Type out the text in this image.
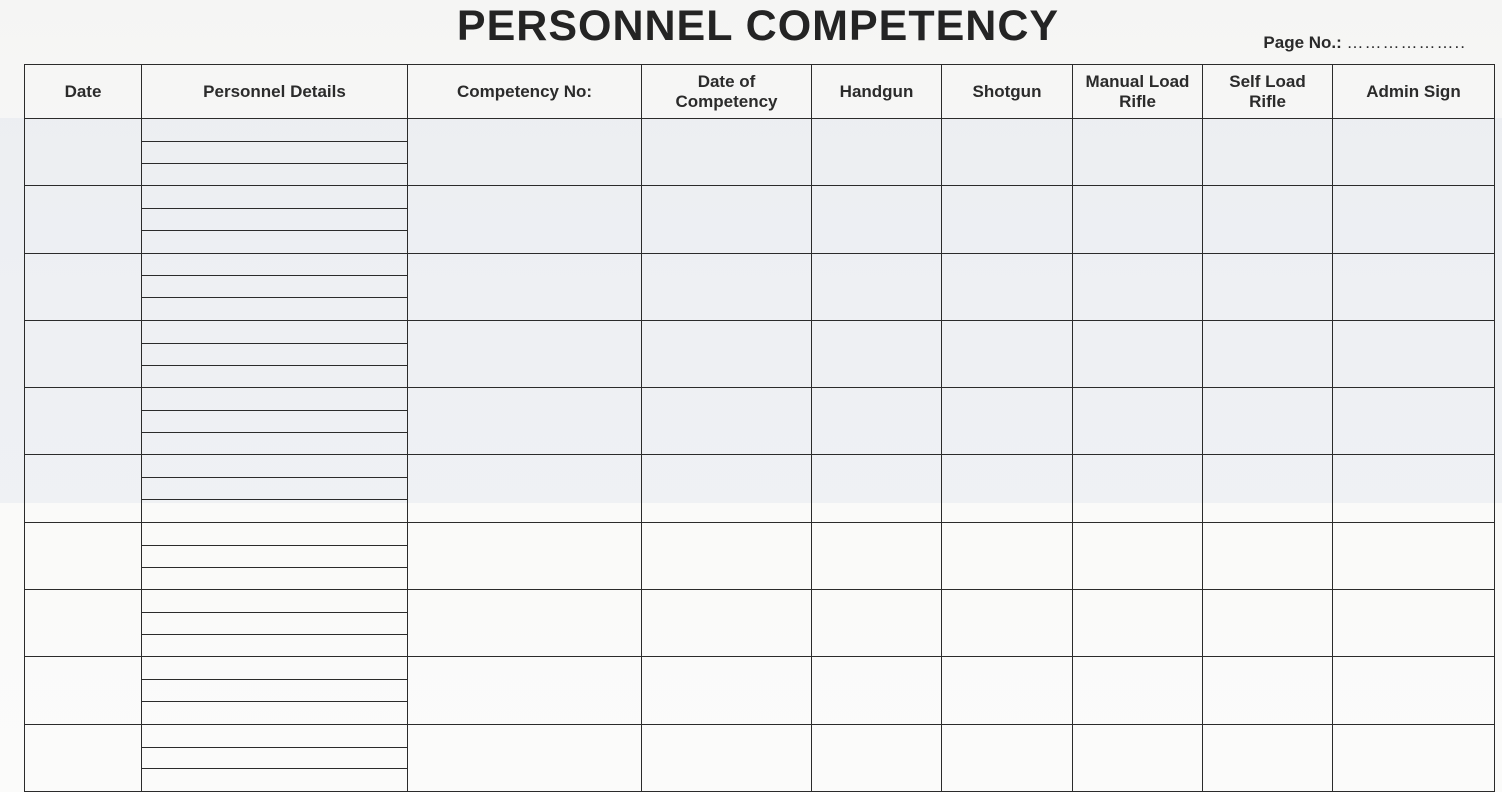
PERSONNEL COMPETENCY	Page No.: ………………..
Date	Personnel Details	Competency No:	Date of Competency	Handgun	Shotgun	Manual Load Rifle	Self Load Rifle	Admin Sign
